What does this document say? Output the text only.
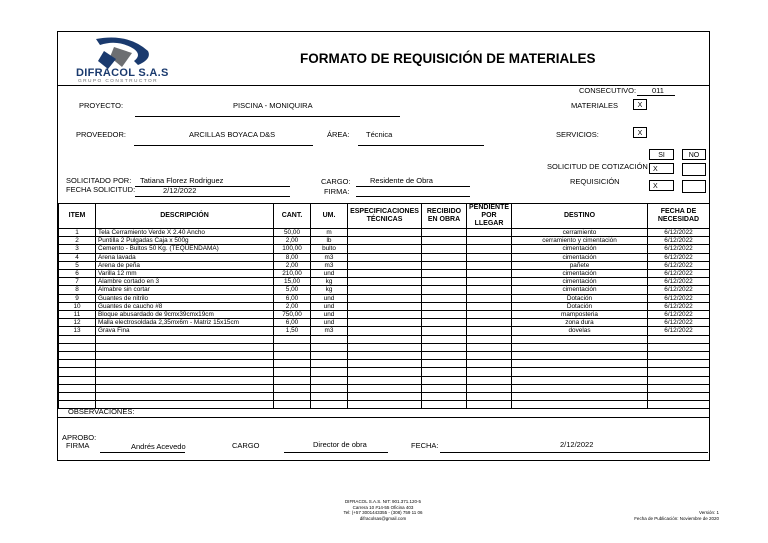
DIFRACOL S.A.S
GRUPO CONSTRUCTOR
FORMATO DE REQUISICIÓN DE MATERIALES
CONSECUTIVO: 011
PROYECTO:	PISCINA - MONIQUIRA	MATERIALES	X
PROVEEDOR:	ARCILLAS BOYACA D&S	ÁREA: Técnica	SERVICIOS:	X
SI	NO
SOLICITUD DE COTIZACIÓN X
REQUISICIÓN
X
SOLICITADO POR: Tatiana Florez Rodriguez
FECHA SOLICITUD:	2/12/2022
CARGO:	Residente de Obra
FIRMA:
ITEM	DESCRIPCIÓN	CANT.	UM.	ESPECIFICACIONES TÉCNICAS	RECIBIDO EN OBRA	PENDIENTE POR LLEGAR	DESTINO	FECHA DE NECESIDAD
1	Tela Cerramiento Verde X 2.40 Ancho	50,00	m				cerramiento	6/12/2022
2	Puntilla 2 Pulgadas Caja x 500g	2,00	lb				cerramiento y cimentación	6/12/2022
3	Cemento - Bultos 50 Kg. (TEQUENDAMA)	100,00	bulto				cimentación	6/12/2022
4	Arena lavada	8,00	m3				cimentación	6/12/2022
5	Arena de peña	2,00	m3				pañete	6/12/2022
6	Varilla 12 mm	210,00	und				cimentación	6/12/2022
7	Alambre cortado en 3	15,00	kg				cimentación	6/12/2022
8	Almabre sin cortar	5,00	kg				cimentación	6/12/2022
9	Guantes de nitrilo	6,00	und				Dotación	6/12/2022
10	Guantes de caucho #8	2,00	und				Dotación	6/12/2022
11	Bloque abusardado de 9cmx39cmx19cm	750,00	und				mamposteria	6/12/2022
12	Malla electrosoldada 2,35mx6m - Matriz 15x15cm	6,00	und				zona dura	6/12/2022
13	Grava Fina	1,50	m3				dovelas	6/12/2022

OBSERVACIONES:
APROBO:
FIRMA	Andrés Acevedo	CARGO	Director de obra	FECHA:	2/12/2022
DIFRACOL S.A.S. NIT: 901.371.120-5
Carrera 10 #14-55 Oficina 403
Tel: (+57 3001443355 - (308) 759 11 06
difracolsas@gmail.com
Versión: 1
Fecha de Publicación: Noviembre de 2020
